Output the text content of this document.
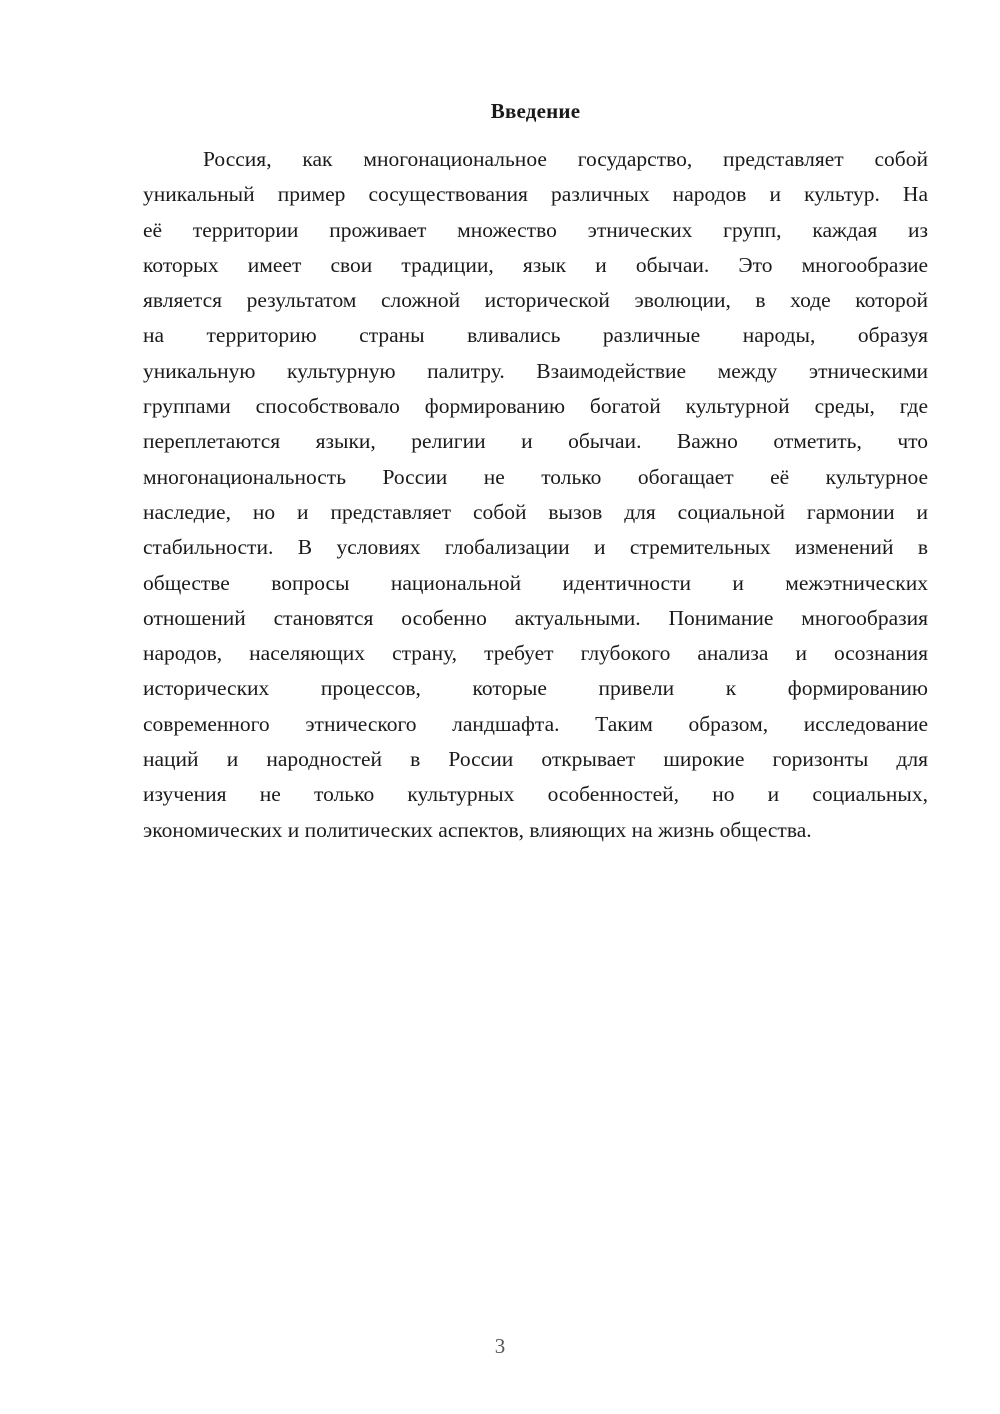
Введение
Россия, как многонациональное государство, представляет собой
уникальный пример сосуществования различных народов и культур. На
её территории проживает множество этнических групп, каждая из
которых имеет свои традиции, язык и обычаи. Это многообразие
является результатом сложной исторической эволюции, в ходе которой
на территорию страны вливались различные народы, образуя
уникальную культурную палитру. Взаимодействие между этническими
группами способствовало формированию богатой культурной среды, где
переплетаются языки, религии и обычаи. Важно отметить, что
многонациональность России не только обогащает её культурное
наследие, но и представляет собой вызов для социальной гармонии и
стабильности. В условиях глобализации и стремительных изменений в
обществе вопросы национальной идентичности и межэтнических
отношений становятся особенно актуальными. Понимание многообразия
народов, населяющих страну, требует глубокого анализа и осознания
исторических процессов, которые привели к формированию
современного этнического ландшафта. Таким образом, исследование
наций и народностей в России открывает широкие горизонты для
изучения не только культурных особенностей, но и социальных,
экономических и политических аспектов, влияющих на жизнь общества.
3
